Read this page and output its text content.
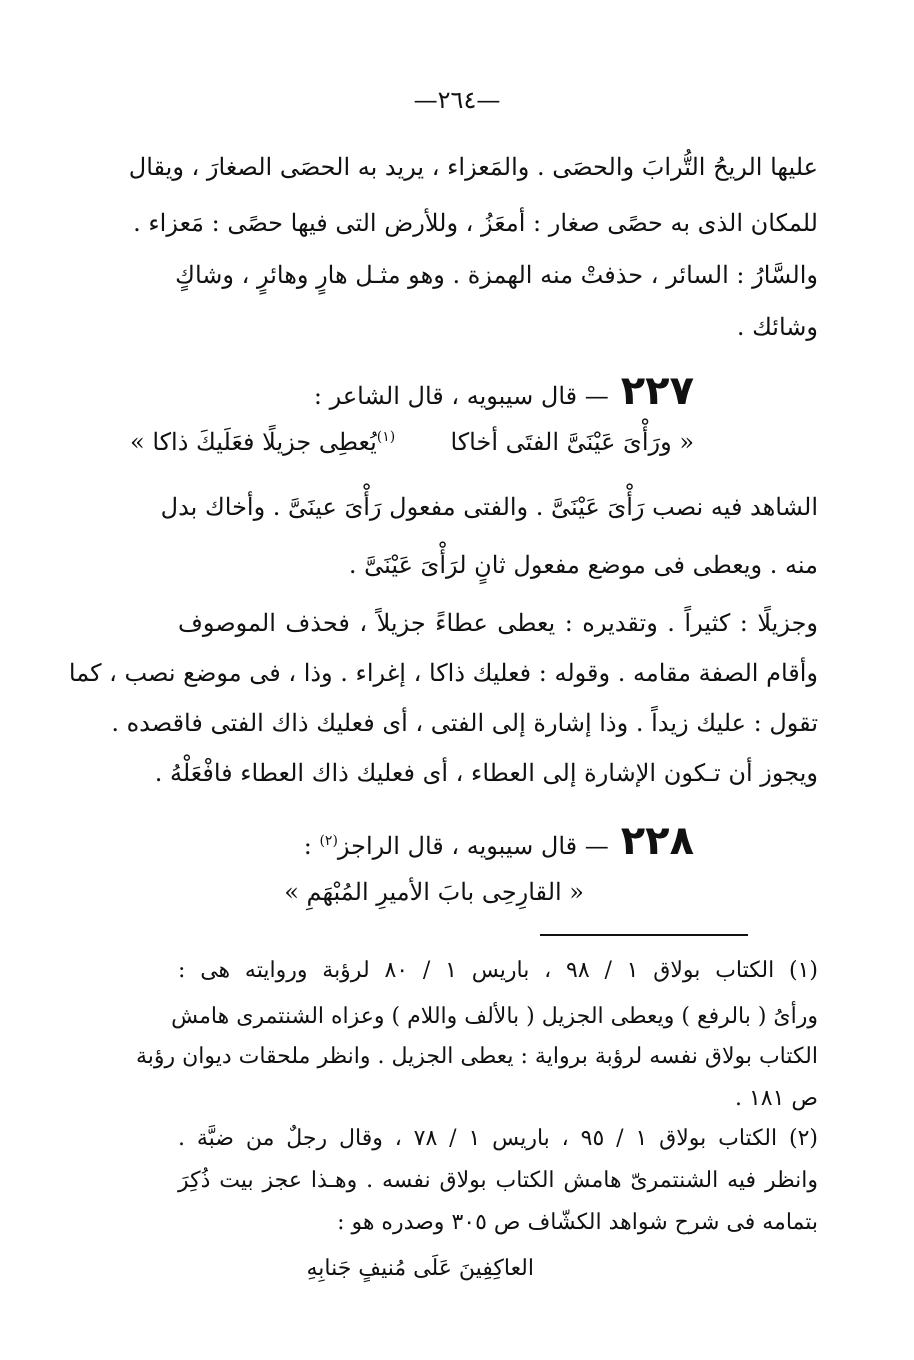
—٢٦٤—
عليها الريحُ التُّرابَ والحصَى . والمَعزاء ، يريد به الحصَى الصغارَ ، ويقال
للمكان الذى به حصًى صغار : أمعَزُ ، وللأرض التى فيها حصًى : مَعزاء .
والسَّارُ : السائر ، حذفتْ منه الهمزة . وهو مثـل هارٍ وهائرٍ ، وشاكٍ
وشائك .
٢٢٧— قال سيبويه ، قال الشاعر :
« ورَأْىَ عَيْنَىَّ الفتَى أخاكا
$^{(١)}$يُعطِى جزيلًا فعَلَيكَ ذاكا »
الشاهد فيه نصب رَأْىَ عَيْنَىَّ . والفتى مفعول رَأْىَ عينَىَّ . وأخاك بدل
منه . ويعطى فى موضع مفعول ثانٍ لرَأْىَ عَيْنَىَّ .
وجزيلًا : كثيراً . وتقديره : يعطى عطاءً جزيلاً ، فحذف الموصوف
وأقام الصفة مقامه . وقوله : فعليك ذاكا ، إغراء . وذا ، فى موضع نصب ، كما
تقول : عليك زيداً . وذا إشارة إلى الفتى ، أى فعليك ذاك الفتى فاقصده .
ويجوز أن تـكون الإشارة إلى العطاء ، أى فعليك ذاك العطاء فافْعَلْهُ .
٢٢٨— قال سيبويه ، قال الراجز$^{(٢)}$ :
« القارِحِى بابَ الأميرِ المُبْهَمِ »
(١) الكتاب بولاق ١ / ٩٨ ، باريس ١ / ٨٠ لرؤبة وروايته هى :
ورأىُ ( بالرفع ) ويعطى الجزيل ( بالألف واللام ) وعزاه الشنتمرى هامش
الكتاب بولاق نفسه لرؤبة برواية : يعطى الجزيل . وانظر ملحقات ديوان رؤبة
ص ١٨١ .
(٢) الكتاب بولاق ١ / ٩٥ ، باريس ١ / ٧٨ ، وقال رجلٌ من ضبَّة .
وانظر فيه الشنتمرىّ هامش الكتاب بولاق نفسه . وهـذا عجز بيت ذُكِرَ
بتمامه فى شرح شواهد الكشّاف ص ٣٠٥ وصدره هو :
العاكِفِينَ عَلَى مُنيفٍ جَنابِهِ
